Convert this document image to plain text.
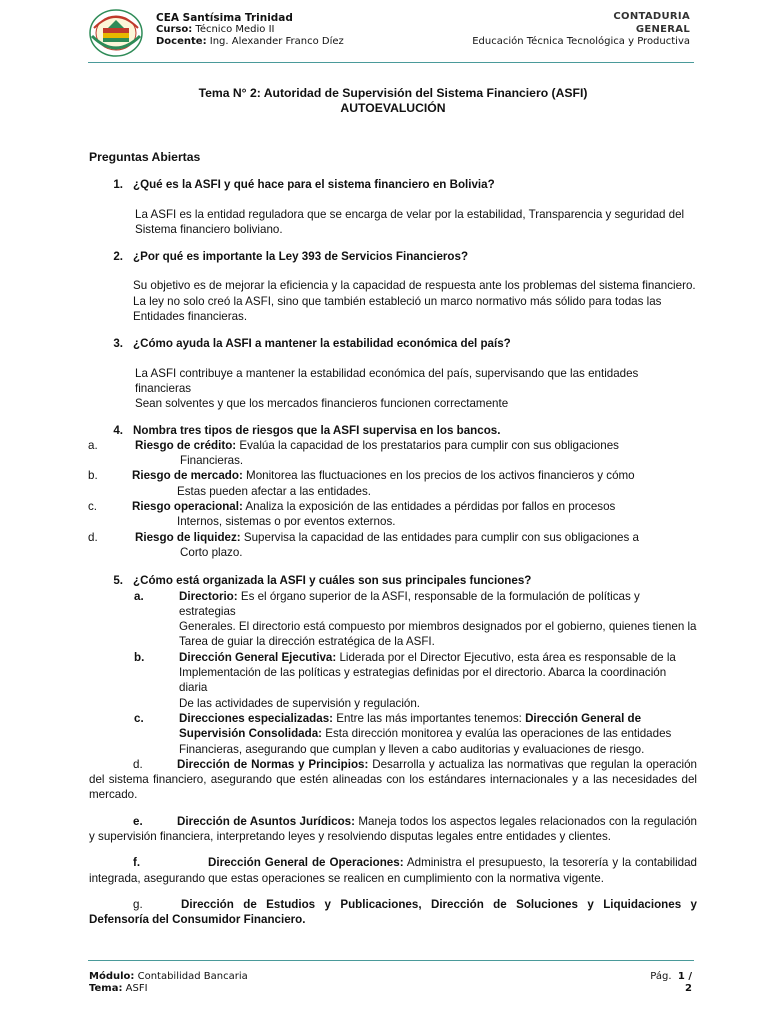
CEA Santísima Trinidad
Curso: Técnico Medio II
Docente: Ing. Alexander Franco Díez
CONTADURÍA GENERAL
Educación Técnica Tecnológica y Productiva
Tema N° 2: Autoridad de Supervisión del Sistema Financiero (ASFI)
AUTOEVALUCIÓN
Preguntas Abiertas
1. ¿Qué es la ASFI y qué hace para el sistema financiero en Bolivia?
La ASFI es la entidad reguladora que se encarga de velar por la estabilidad, Transparencia y seguridad del
Sistema financiero boliviano.
2. ¿Por qué es importante la Ley 393 de Servicios Financieros?
Su objetivo es de mejorar la eficiencia y la capacidad de respuesta ante los problemas del sistema financiero.
La ley no solo creó la ASFI, sino que también estableció un marco normativo más sólido para todas las
Entidades financieras.
3. ¿Cómo ayuda la ASFI a mantener la estabilidad económica del país?
La ASFI contribuye a mantener la estabilidad económica del país, supervisando que las entidades financieras
Sean solventes y que los mercados financieros funcionen correctamente
4. Nombra tres tipos de riesgos que la ASFI supervisa en los bancos.
a.	Riesgo de crédito: Evalúa la capacidad de los prestatarios para cumplir con sus obligaciones
Financieras.
b.	Riesgo de mercado: Monitorea las fluctuaciones en los precios de los activos financieros y cómo
Estas pueden afectar a las entidades.
c.	Riesgo operacional: Analiza la exposición de las entidades a pérdidas por fallos en procesos
Internos, sistemas o por eventos externos.
d.	Riesgo de liquidez: Supervisa la capacidad de las entidades para cumplir con sus obligaciones a
Corto plazo.
5. ¿Cómo está organizada la ASFI y cuáles son sus principales funciones?
a.	Directorio: Es el órgano superior de la ASFI, responsable de la formulación de políticas y estrategias
Generales. El directorio está compuesto por miembros designados por el gobierno, quienes tienen la
Tarea de guiar la dirección estratégica de la ASFI.
b.	Dirección General Ejecutiva: Liderada por el Director Ejecutivo, esta área es responsable de la
Implementación de las políticas y estrategias definidas por el directorio. Abarca la coordinación diaria
De las actividades de supervisión y regulación.
c.	Direcciones especializadas: Entre las más importantes tenemos: Dirección General de
Supervisión Consolidada: Esta dirección monitorea y evalúa las operaciones de las entidades
Financieras, asegurando que cumplan y lleven a cabo auditorias y evaluaciones de riesgo.
d.	Dirección de Normas y Principios: Desarrolla y actualiza las normativas que regulan la operación del sistema financiero, asegurando que estén alineadas con los estándares internacionales y a las necesidades del mercado.
e.	Dirección de Asuntos Jurídicos: Maneja todos los aspectos legales relacionados con la regulación y supervisión financiera, interpretando leyes y resolviendo disputas legales entre entidades y clientes.
f.	Dirección General de Operaciones: Administra el presupuesto, la tesorería y la contabilidad integrada, asegurando que estas operaciones se realicen en cumplimiento con la normativa vigente.
g.	Dirección de Estudios y Publicaciones, Dirección de Soluciones y Liquidaciones y Defensoría del Consumidor Financiero.
Módulo: Contabilidad Bancaria
Tema: ASFI
Pág. 1 / 2
